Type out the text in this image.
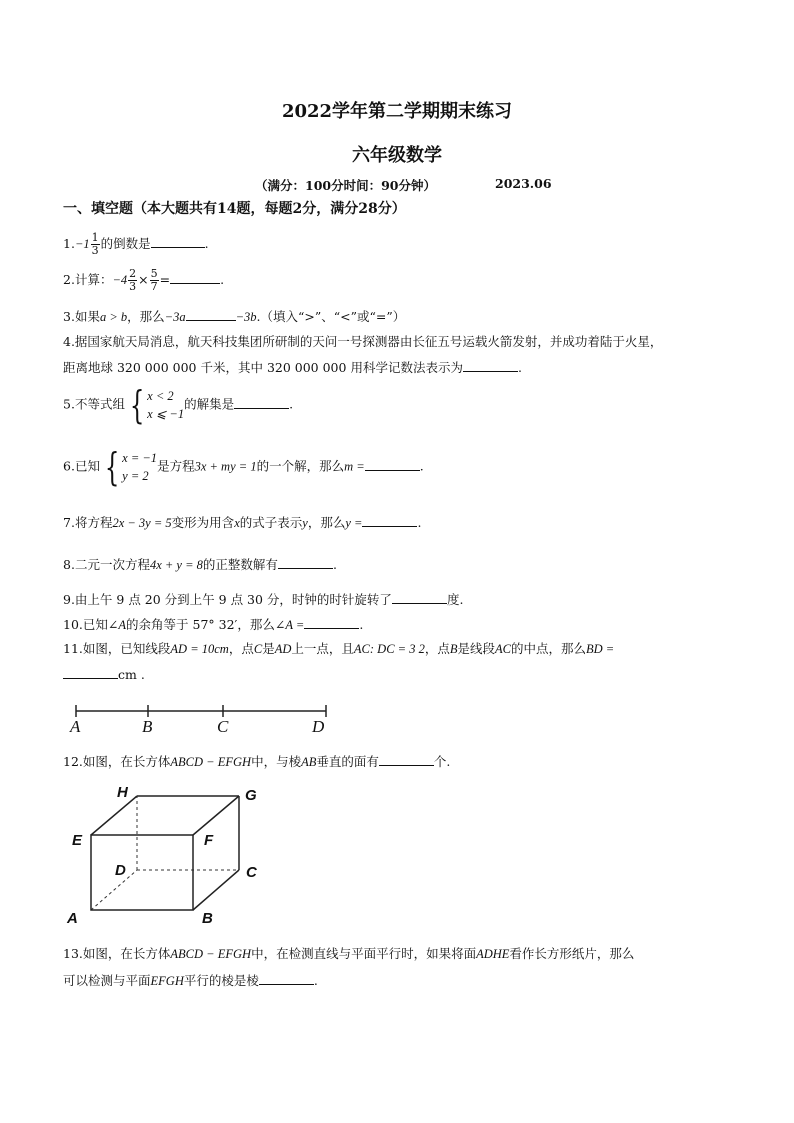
2022学年第二学期期末练习
六年级数学
（满分：100分时间：90分钟）	2023.06
一、填空题（本大题共有14题，每题2分，满分28分）
$1.-1 \frac{1}{3}$ 的倒数是	.
2.计算：$-4 \frac{2}{3} \times \frac{5}{7}$ =	.
3.如果a > b，那么−3a	−3b.（填入“>”、“<”或“=”）
4.据国家航天局消息，航天科技集团所研制的天问一号探测器由长征五号运载火箭发射，并成功着陆于火星，
距离地球 320 000 000 千米，其中 320 000 000 用科学记数法表示为	.
5.不等式组 { x < 2
x ⩽ −1
的解集是	.
6.已知 { x = −1
y = 2
是方程3x + my = 1的一个解，那么m =	.
7.将方程2x − 3y = 5变形为用含x的式子表示y，那么y =	.
8.二元一次方程4x + y = 8的正整数解有	.
9.由上午 9 点 20 分到上午 9 点 30 分，时钟的时针旋转了	度.
10.已知∠A的余角等于 57° 32′，那么∠A =	.
11.如图，已知线段AD = 10cm，点C是AD上一点，且AC: DC = 3 2，点B是线段AC的中点，那么BD =
cm .
A	B	C	D
12.如图，在长方体ABCD − EFGH中，与棱AB垂直的面有	个.
H	G
E	F
D	C
A	B
13.如图，在长方体ABCD − EFGH中，在检测直线与平面平行时，如果将面ADHE看作长方形纸片，那么
可以检测与平面EFGH平行的棱是棱	.
